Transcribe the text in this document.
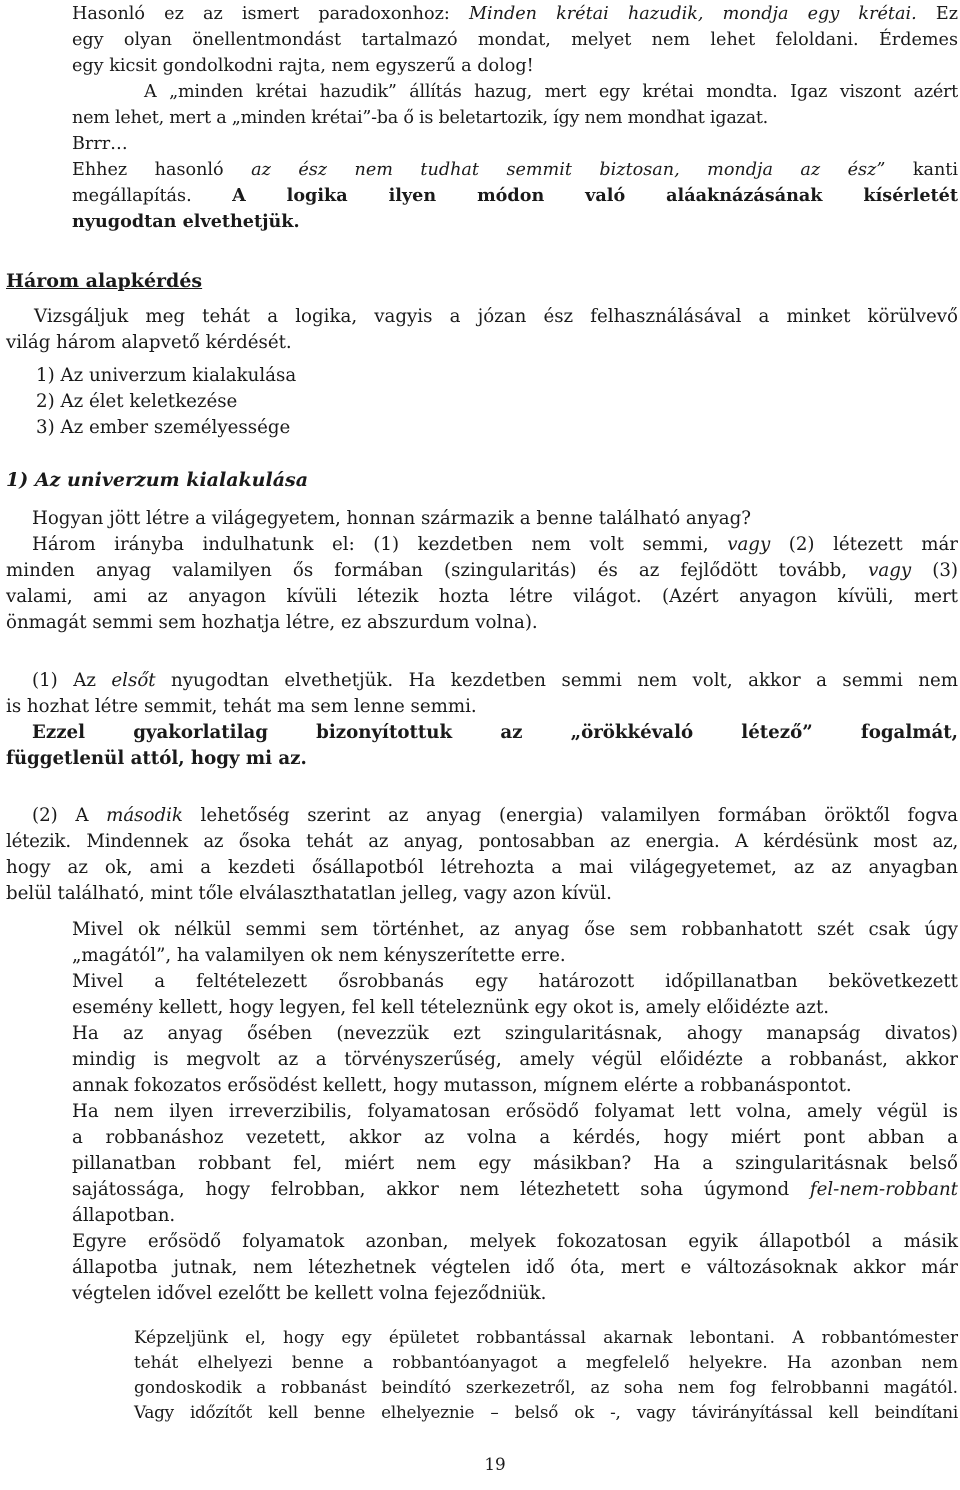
Hasonló ez az ismert paradoxonhoz: Minden krétai hazudik, mondja egy krétai. Ez
egy olyan önellentmondást tartalmazó mondat, melyet nem lehet feloldani. Érdemes
egy kicsit gondolkodni rajta, nem egyszerű a dolog!
A „minden krétai hazudik” állítás hazug, mert egy krétai mondta. Igaz viszont azért
nem lehet, mert a „minden krétai”-ba ő is beletartozik, így nem mondhat igazat.
Brrr…
Ehhez hasonló az ész nem tudhat semmit biztosan, mondja az ész” kanti
megállapítás. A logika ilyen módon való aláaknázásának kísérletét
nyugodtan elvethetjük.
Három alapkérdés
Vizsgáljuk meg tehát a logika, vagyis a józan ész felhasználásával a minket körülvevő
világ három alapvető kérdését.
1) Az univerzum kialakulása
2) Az élet keletkezése
3) Az ember személyessége
1) Az univerzum kialakulása
Hogyan jött létre a világegyetem, honnan származik a benne található anyag?
Három irányba indulhatunk el: (1) kezdetben nem volt semmi, vagy (2) létezett már
minden anyag valamilyen ős formában (szingularitás) és az fejlődött tovább, vagy (3)
valami, ami az anyagon kívüli létezik hozta létre világot. (Azért anyagon kívüli, mert
önmagát semmi sem hozhatja létre, ez abszurdum volna).
(1) Az elsőt nyugodtan elvethetjük. Ha kezdetben semmi nem volt, akkor a semmi nem
is hozhat létre semmit, tehát ma sem lenne semmi.
Ezzel gyakorlatilag bizonyítottuk az „örökkévaló létező” fogalmát,
függetlenül attól, hogy mi az.
(2) A második lehetőség szerint az anyag (energia) valamilyen formában öröktől fogva
létezik. Mindennek az ősoka tehát az anyag, pontosabban az energia. A kérdésünk most az,
hogy az ok, ami a kezdeti ősállapotból létrehozta a mai világegyetemet, az az anyagban
belül található, mint tőle elválaszthatatlan jelleg, vagy azon kívül.
Mivel ok nélkül semmi sem történhet, az anyag őse sem robbanhatott szét csak úgy
„magától”, ha valamilyen ok nem kényszerítette erre.
Mivel a feltételezett ősrobbanás egy határozott időpillanatban bekövetkezett
esemény kellett, hogy legyen, fel kell tételeznünk egy okot is, amely előidézte azt.
Ha az anyag ősében (nevezzük ezt szingularitásnak, ahogy manapság divatos)
mindig is megvolt az a törvényszerűség, amely végül előidézte a robbanást, akkor
annak fokozatos erősödést kellett, hogy mutasson, mígnem elérte a robbanáspontot.
Ha nem ilyen irreverzibilis, folyamatosan erősödő folyamat lett volna, amely végül is
a robbanáshoz vezetett, akkor az volna a kérdés, hogy miért pont abban a
pillanatban robbant fel, miért nem egy másikban? Ha a szingularitásnak belső
sajátossága, hogy felrobban, akkor nem létezhetett soha úgymond fel-nem-robbant
állapotban.
Egyre erősödő folyamatok azonban, melyek fokozatosan egyik állapotból a másik
állapotba jutnak, nem létezhetnek végtelen idő óta, mert e változásoknak akkor már
végtelen idővel ezelőtt be kellett volna fejeződniük.
Képzeljünk el, hogy egy épületet robbantással akarnak lebontani. A robbantómester
tehát elhelyezi benne a robbantóanyagot a megfelelő helyekre. Ha azonban nem
gondoskodik a robbanást beindító szerkezetről, az soha nem fog felrobbanni magától.
Vagy időzítőt kell benne elhelyeznie – belső ok -, vagy távirányítással kell beindítani
19
